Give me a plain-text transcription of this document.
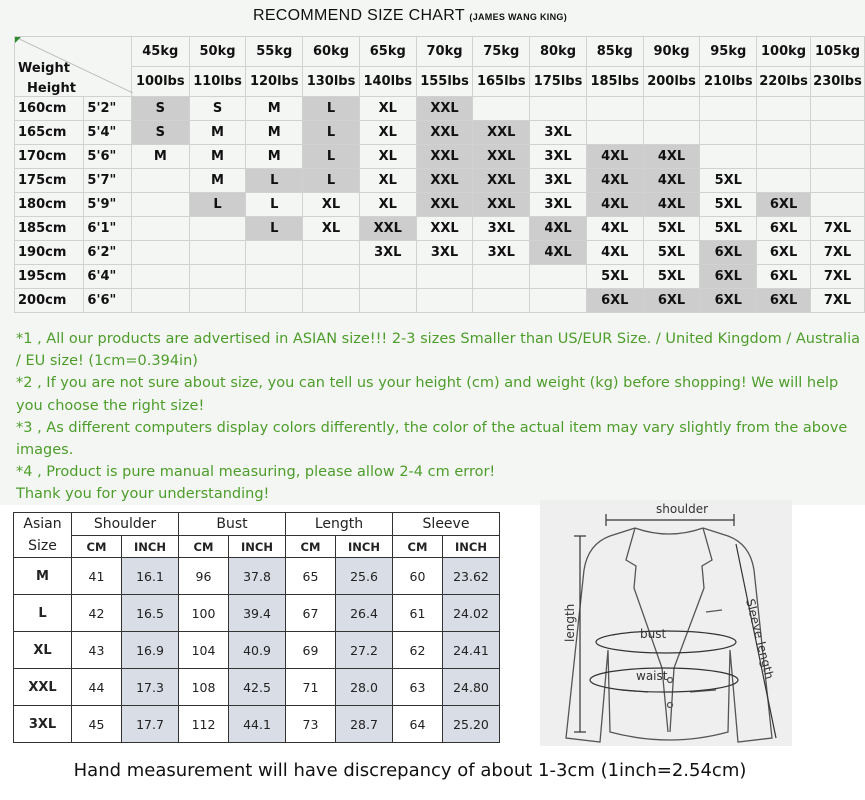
RECOMMEND SIZE CHART (JAMES WANG KING)
Weight
Height		45kg	50kg	55kg	60kg	65kg	70kg	75kg	80kg	85kg	90kg	95kg	100kg	105kg
		100lbs	110lbs	120lbs	130lbs	140lbs	155lbs	165lbs	175lbs	185lbs	200lbs	210lbs	220lbs	230lbs
160cm	5'2"	S	S	M	L	XL	XXL							
165cm	5'4"	S	M	M	L	XL	XXL	XXL	3XL					
170cm	5'6"	M	M	M	L	XL	XXL	XXL	3XL	4XL	4XL			
175cm	5'7"		M	L	L	XL	XXL	XXL	3XL	4XL	4XL	5XL		
180cm	5'9"		L	L	XL	XL	XXL	XXL	3XL	4XL	4XL	5XL	6XL	
185cm	6'1"			L	XL	XXL	XXL	3XL	4XL	4XL	5XL	5XL	6XL	7XL
190cm	6'2"					3XL	3XL	3XL	4XL	4XL	5XL	6XL	6XL	7XL
195cm	6'4"									5XL	5XL	6XL	6XL	7XL
200cm	6'6"									6XL	6XL	6XL	6XL	7XL

*1 , All our products are advertised in ASIAN size!!! 2-3 sizes Smaller than US/EUR Size. / United Kingdom / Australia / EU size! (1cm=0.394in)

*2 , If you are not sure about size, you can tell us your height (cm) and weight (kg) before shopping! We will help you choose the right size!

*3 , As different computers display colors differently, the color of the actual item may vary slightly from the above images.

*4 , Product is pure manual measuring, please allow 2-4 cm error!

Thank you for your understanding!

Asian
Size	Shoulder		Bust		Length		Sleeve	
	CM	INCH	CM	INCH	CM	INCH	CM	INCH
M	41	16.1	96	37.8	65	25.6	60	23.62
L	42	16.5	100	39.4	67	26.4	61	24.02
XL	43	16.9	104	40.9	69	27.2	62	24.41
XXL	44	17.3	108	42.5	71	28.0	63	24.80
3XL	45	17.7	112	44.1	73	28.7	64	25.20
shoulder
length	bust
waist	Sleeve length
Hand measurement will have discrepancy of about 1-3cm (1inch=2.54cm)
